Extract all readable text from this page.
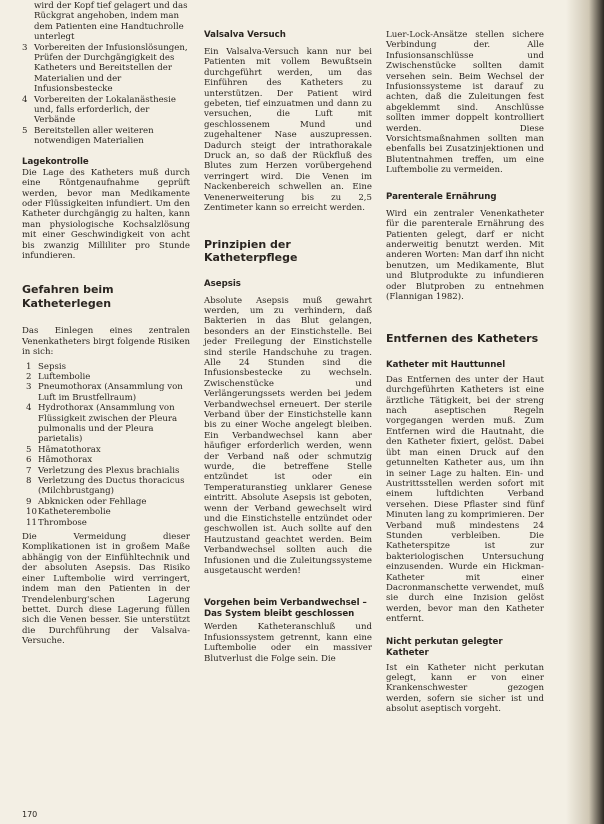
wird der Kopf tief gelagert und das Rückgrat angehoben, indem man dem Patienten eine Handtuchrolle unterlegt
3 Vorbereiten der Infusionslösungen, Prüfen der Durchgängigkeit des Katheters und Bereitstellen der Materialien und der Infusionsbestecke
4 Vorbereiten der Lokalanästhesie und, falls erforderlich, der Verbände
5 Bereitstellen aller weiteren notwendigen Materialien
Lagekontrolle

Die Lage des Katheters muß durch eine Röntgenaufnahme geprüft werden, bevor man Medikamente oder Flüssigkeiten infundiert. Um den Katheter durchgängig zu halten, kann man physiologische Kochsalzlösung mit einer Geschwindigkeit von acht bis zwanzig Milliliter pro Stunde infundieren.

Gefahren beim Katheterlegen

Das Einlegen eines zentralen Venenkatheters birgt folgende Risiken in sich:

1 Sepsis
2 Luftembolie
3 Pneumothorax (Ansammlung von Luft im Brustfellraum)
4 Hydrothorax (Ansammlung von Flüssigkeit zwischen der Pleura pulmonalis und der Pleura parietalis)
5 Hämatothorax
6 Hämothorax
7 Verletzung des Plexus brachialis
8 Verletzung des Ductus thoracicus (Milchbrustgang)
9 Abknicken oder Fehllage
10 Katheterembolie
11 Thrombose

Die Vermeidung dieser Komplikationen ist in großem Maße abhängig von der Einfühltechnik und der absoluten Asepsis. Das Risiko einer Luftembolie wird verringert, indem man den Patienten in der Trendelenburg'schen Lagerung bettet. Durch diese Lagerung füllen sich die Venen besser. Sie unterstützt die Durchführung der Valsalva-Versuche.

Valsalva Versuch

Ein Valsalva-Versuch kann nur bei Patienten mit vollem Bewußtsein durchgeführt werden, um das Einführen des Katheters zu unterstützen. Der Patient wird gebeten, tief einzuatmen und dann zu versuchen, die Luft mit geschlossenem Mund und zugehaltener Nase auszupressen. Dadurch steigt der intrathorakale Druck an, so daß der Rückfluß des Blutes zum Herzen vorübergehend verringert wird. Die Venen im Nackenbereich schwellen an. Eine Venenerweiterung bis zu 2,5 Zentimeter kann so erreicht werden.

Prinzipien der Katheterpflege
Asepsis

Absolute Asepsis muß gewahrt werden, um zu verhindern, daß Bakterien in das Blut gelangen, besonders an der Einstichstelle. Bei jeder Freilegung der Einstichstelle sind sterile Handschuhe zu tragen. Alle 24 Stunden sind die Infusionsbestecke zu wechseln. Zwischenstücke und Verlängerungssets werden bei jedem Verbandwechsel erneuert. Der sterile Verband über der Einstichstelle kann bis zu einer Woche angelegt bleiben. Ein Verbandwechsel kann aber häufiger erforderlich werden, wenn der Verband naß oder schmutzig wurde, die betreffene Stelle entzündet ist oder ein Temperaturanstieg unklarer Genese eintritt. Absolute Asepsis ist geboten, wenn der Verband gewechselt wird und die Einstichstelle entzündet oder geschwollen ist. Auch sollte auf den Hautzustand geachtet werden. Beim Verbandwechsel sollten auch die Infusionen und die Zuleitungssysteme ausgetauscht werden!

Vorgehen beim Verbandwechsel – Das System bleibt geschlossen

Werden Katheteranschluß und Infusionssystem getrennt, kann eine Luftembolie oder ein massiver Blutverlust die Folge sein. Die

Luer-Lock-Ansätze stellen sichere Verbindung der. Alle Infusionsanschlüsse und Zwischenstücke sollten damit versehen sein. Beim Wechsel der Infusionssysteme ist darauf zu achten, daß die Zuleitungen fest abgeklemmt sind. Anschlüsse sollten immer doppelt kontrolliert werden. Diese Vorsichtsmaßnahmen sollten man ebenfalls bei Zusatzinjektionen und Blutentnahmen treffen, um eine Luftembolie zu vermeiden.

Parenterale Ernährung

Wird ein zentraler Venenkatheter für die parenterale Ernährung des Patienten gelegt, darf er nicht anderweitig benutzt werden. Mit anderen Worten: Man darf ihn nicht benutzen, um Medikamente, Blut und Blutprodukte zu infundieren oder Blutproben zu entnehmen (Flannigan 1982).

Entfernen des Katheters
Katheter mit Hauttunnel

Das Entfernen des unter der Haut durchgeführten Katheters ist eine ärztliche Tätigkeit, bei der streng nach aseptischen Regeln vorgegangen werden muß. Zum Entfernen wird die Hautnaht, die den Katheter fixiert, gelöst. Dabei übt man einen Druck auf den getunnelten Katheter aus, um ihn in seiner Lage zu halten. Ein- und Austrittsstellen werden sofort mit einem luftdichten Verband versehen. Diese Pflaster sind fünf Minuten lang zu komprimieren. Der Verband muß mindestens 24 Stunden verbleiben. Die Katheterspitze ist zur bakteriologischen Untersuchung einzusenden. Wurde ein Hickman-Katheter mit einer Dacronmanschette verwendet, muß sie durch eine Inzision gelöst werden, bevor man den Katheter entfernt.

Nicht perkutan gelegter Katheter

Ist ein Katheter nicht perkutan gelegt, kann er von einer Krankenschwester gezogen werden, sofern sie sicher ist und absolut aseptisch vorgeht.

170
